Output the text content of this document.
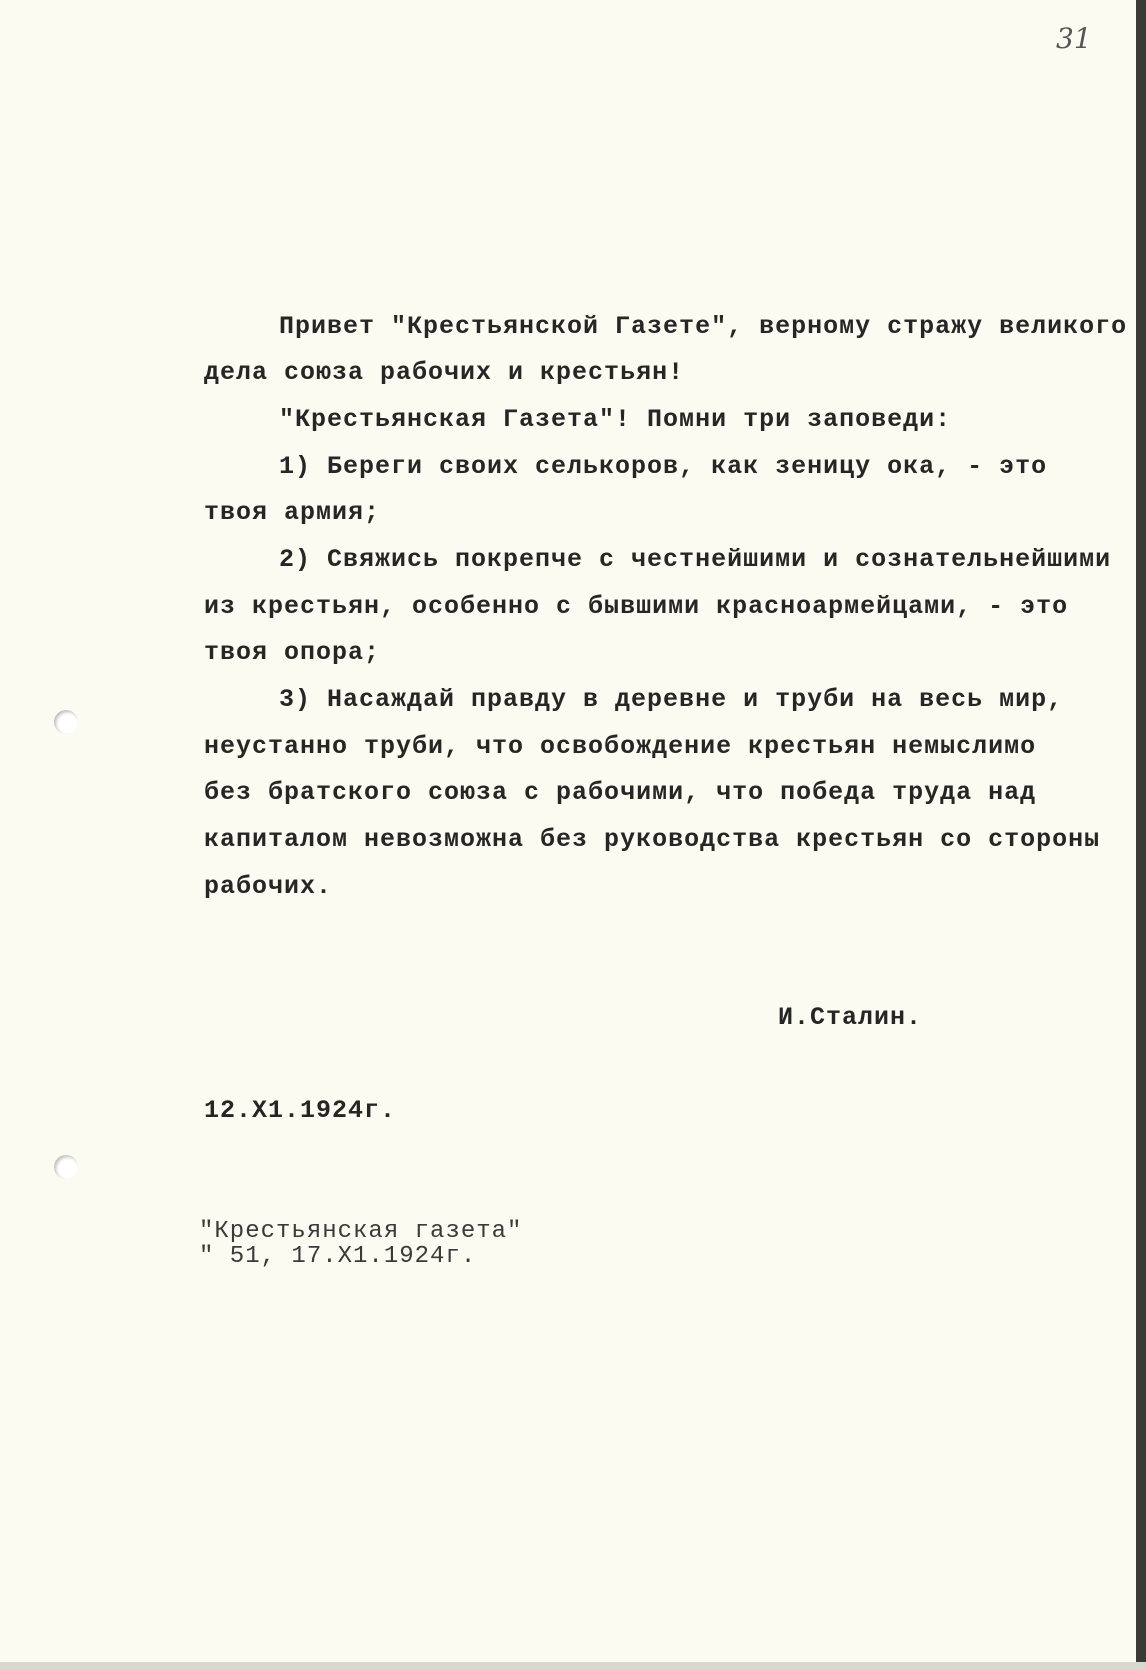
31
Привет "Крестьянской Газете", верному стражу великого
дела союза рабочих и крестьян!
"Крестьянская Газета"! Помни три заповеди:
1) Береги своих селькоров, как зеницу ока, - это
твоя армия;
2) Свяжись покрепче с честнейшими и сознательнейшими
из крестьян, особенно с бывшими красноармейцами, - это
твоя опора;
3) Насаждай правду в деревне и труби на весь мир,
неустанно труби, что освобождение крестьян немыслимо
без братского союза с рабочими, что победа труда над
капиталом невозможна без руководства крестьян со стороны
рабочих.
И.Сталин.
12.Х1.1924г.
"Крестьянская газета"
" 51, 17.Х1.1924г.
